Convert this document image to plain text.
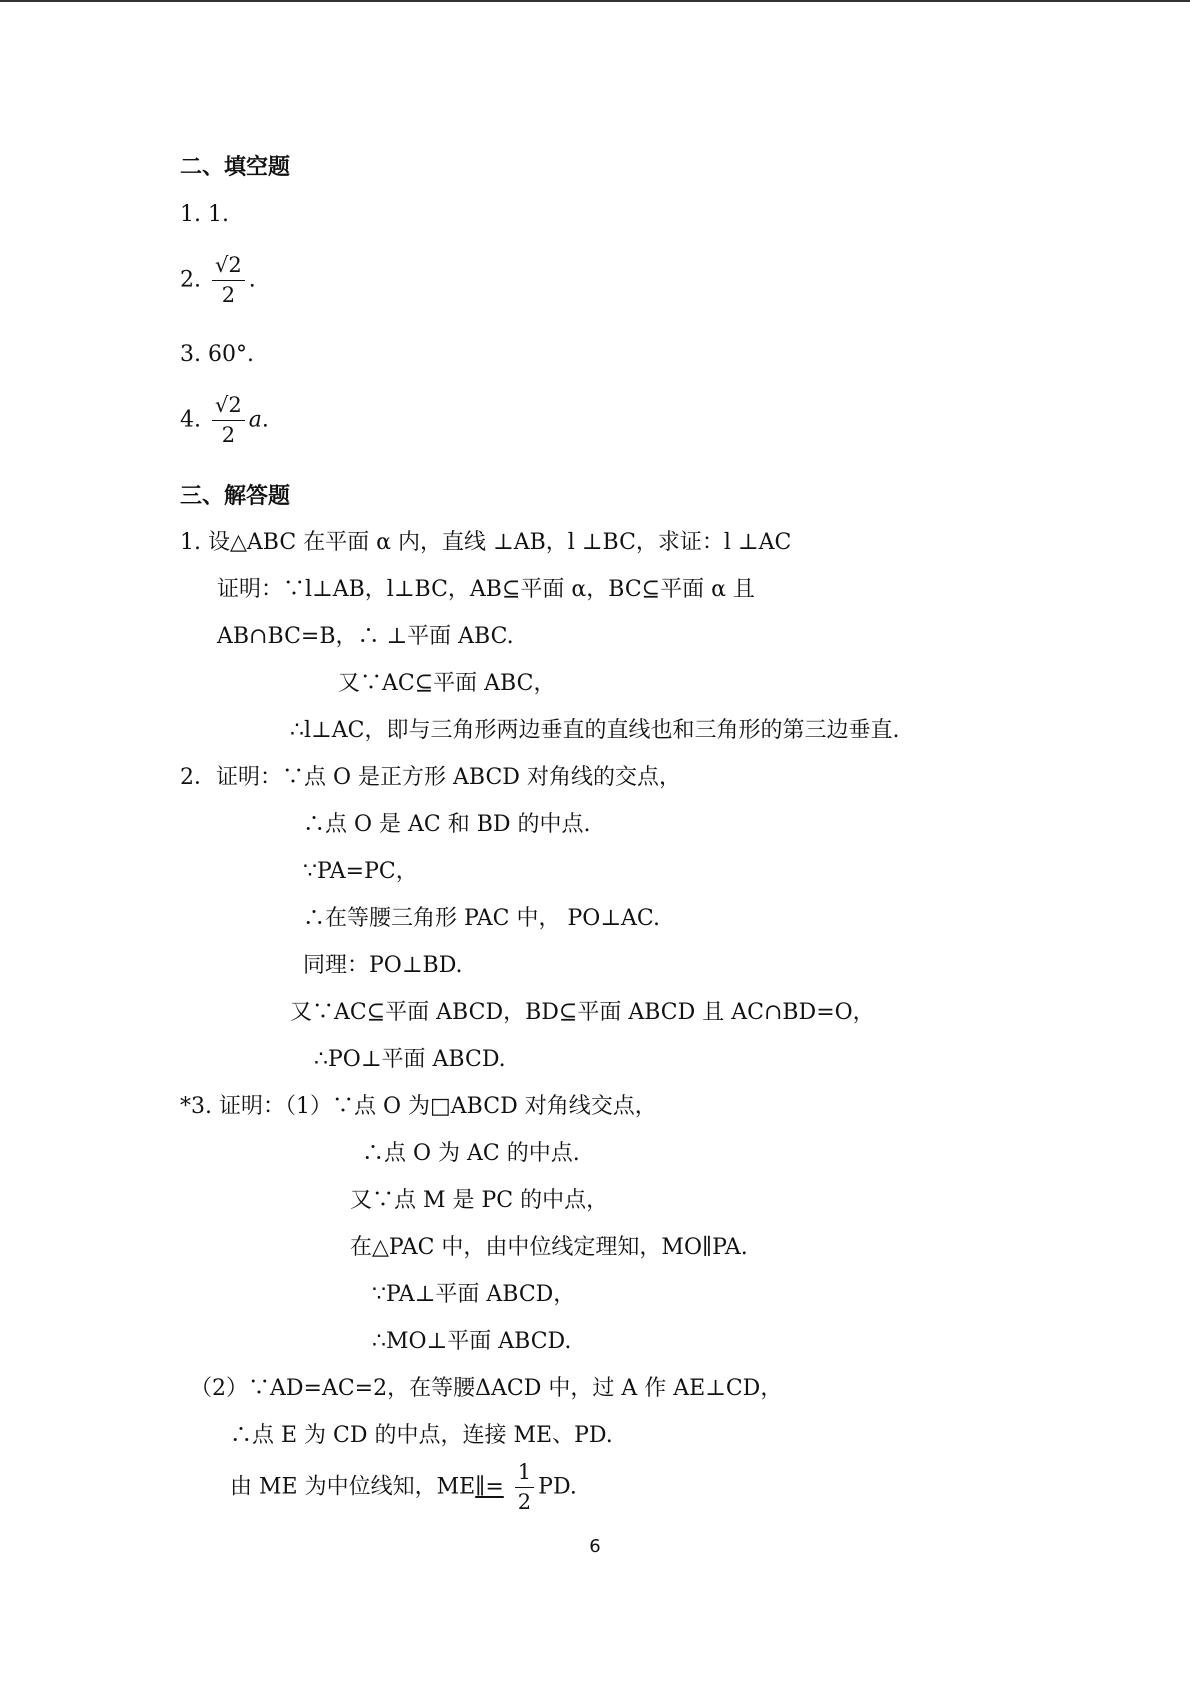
二、填空题
1. 1.
2. $\frac{√2}{2}$ .
3. 60°.
4. $\frac{√2}{2} a$.
三、解答题
1. 设△ABC 在平面 α 内，直线 ⊥AB，l ⊥BC，求证：l ⊥AC
证明：∵l⊥AB，l⊥BC，AB⊆平面 α，BC⊆平面 α 且
AB∩BC=B，∴ ⊥平面 ABC.
又∵AC⊆平面 ABC，
∴l⊥AC，即与三角形两边垂直的直线也和三角形的第三边垂直.
2．证明：∵点 O 是正方形 ABCD 对角线的交点，
∴点 O 是 AC 和 BD 的中点.
∵PA=PC，
∴在等腰三角形 PAC 中， PO⊥AC.
同理：PO⊥BD.
又∵AC⊆平面 ABCD，BD⊆平面 ABCD 且 AC∩BD=O，
∴PO⊥平面 ABCD.
*3. 证明：（1）∵点 O 为□ABCD 对角线交点，
∴点 O 为 AC 的中点.
又∵点 M 是 PC 的中点，
在△PAC 中，由中位线定理知，MO∥PA.
∵PA⊥平面 ABCD，
∴MO⊥平面 ABCD.
（2）∵AD=AC=2，在等腰ΔACD 中，过 A 作 AE⊥CD，
∴点 E 为 CD 的中点，连接 ME、PD.
由 ME 为中位线知，ME∥= $\frac{1}{2}$ PD.
6
